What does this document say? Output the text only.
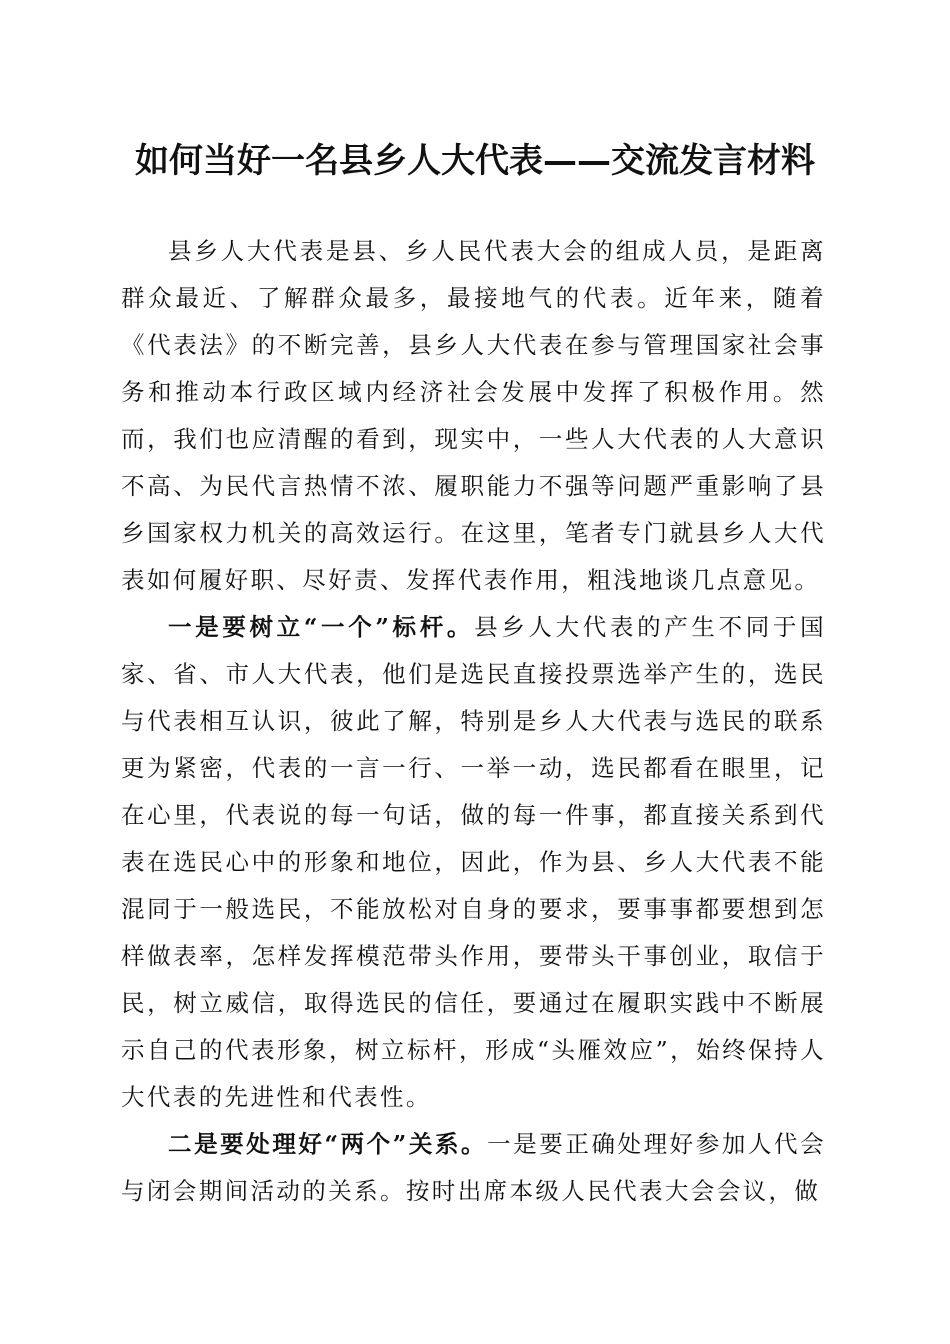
如何当好一名县乡人大代表——交流发言材料

县乡人大代表是县、乡人民代表大会的组成人员，是距离群众最近、了解群众最多，最接地气的代表。近年来，随着《代表法》的不断完善，县乡人大代表在参与管理国家社会事务和推动本行政区域内经济社会发展中发挥了积极作用。然而，我们也应清醒的看到，现实中，一些人大代表的人大意识不高、为民代言热情不浓、履职能力不强等问题严重影响了县乡国家权力机关的高效运行。在这里，笔者专门就县乡人大代表如何履好职、尽好责、发挥代表作用，粗浅地谈几点意见。

一是要树立“一个”标杆。县乡人大代表的产生不同于国家、省、市人大代表，他们是选民直接投票选举产生的，选民与代表相互认识，彼此了解，特别是乡人大代表与选民的联系更为紧密，代表的一言一行、一举一动，选民都看在眼里，记在心里，代表说的每一句话，做的每一件事，都直接关系到代表在选民心中的形象和地位，因此，作为县、乡人大代表不能混同于一般选民，不能放松对自身的要求，要事事都要想到怎样做表率，怎样发挥模范带头作用，要带头干事创业，取信于民，树立威信，取得选民的信任，要通过在履职实践中不断展示自己的代表形象，树立标杆，形成“头雁效应”，始终保持人大代表的先进性和代表性。

二是要处理好“两个”关系。一是要正确处理好参加人代会与闭会期间活动的关系。按时出席本级人民代表大会会议，做
